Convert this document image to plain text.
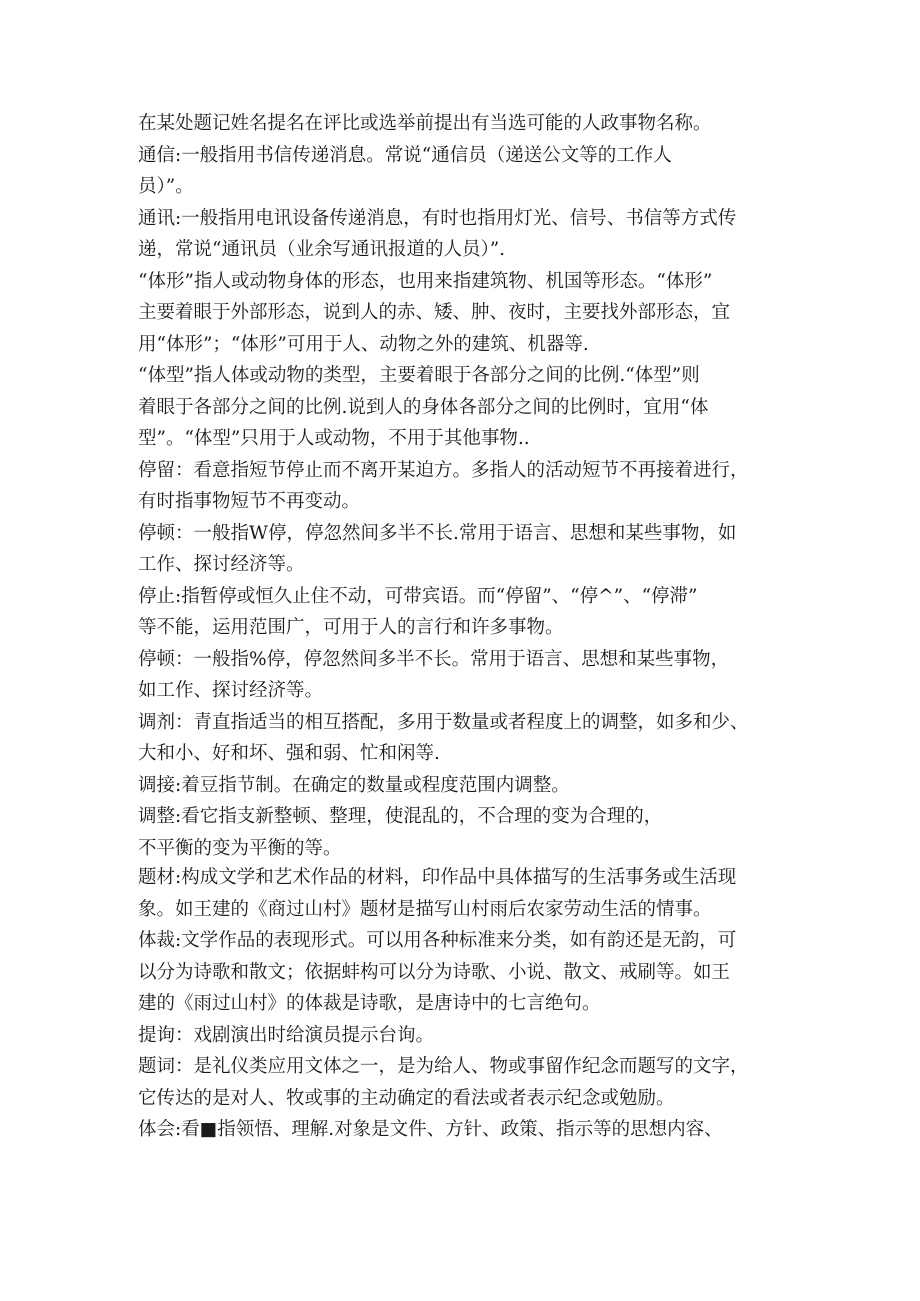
在某处题记姓名提名在评比或选举前提出有当选可能的人政事物名称。
通信:一般指用书信传递消息。常说“通信员（递送公文等的工作人
员）”。
通讯:一般指用电讯设备传递消息，有时也指用灯光、信号、书信等方式传
递，常说“通讯员（业余写通讯报道的人员）”.
“体形”指人或动物身体的形态，也用来指建筑物、机国等形态。“体形”
主要着眼于外部形态，说到人的赤、矮、肿、夜时，主要找外部形态，宜
用“体形”；“体形”可用于人、动物之外的建筑、机器等.
“体型”指人体或动物的类型，主要着眼于各部分之间的比例.“体型”则
着眼于各部分之间的比例.说到人的身体各部分之间的比例时，宜用“体
型”。“体型”只用于人或动物，不用于其他事物..
停留：看意指短节停止而不离开某迫方。多指人的活动短节不再接着进行，
有时指事物短节不再变动。
停顿：一般指W停，停忽然间多半不长.常用于语言、思想和某些事物，如
工作、探讨经济等。
停止:指暂停或恒久止住不动，可带宾语。而“停留”、“停^”、“停滞”
等不能，运用范围广，可用于人的言行和许多事物。
停顿：一般指%停，停忽然间多半不长。常用于语言、思想和某些事物，
如工作、探讨经济等。
调剂：青直指适当的相互搭配，多用于数量或者程度上的调整，如多和少、
大和小、好和坏、强和弱、忙和闲等.
调接:着豆指节制。在确定的数量或程度范围内调整。
调整:看它指支新整顿、整理，使混乱的，不合理的变为合理的，
不平衡的变为平衡的等。
题材:构成文学和艺术作品的材料，印作品中具体描写的生活事务或生活现
象。如王建的《商过山村》题材是描写山村雨后农家劳动生活的情事。
体裁:文学作品的表现形式。可以用各种标准来分类，如有韵还是无韵，可
以分为诗歌和散文；依据蚌构可以分为诗歌、小说、散文、戒刷等。如王
建的《雨过山村》的体裁是诗歌，是唐诗中的七言绝句。
提询：戏剧演出时给演员提示台询。
题词：是礼仪类应用文体之一，是为给人、物或事留作纪念而题写的文字，
它传达的是对人、牧或事的主动确定的看法或者表示纪念或勉励。
体会:看■指领悟、理解.对象是文件、方针、政策、指示等的思想内容、
